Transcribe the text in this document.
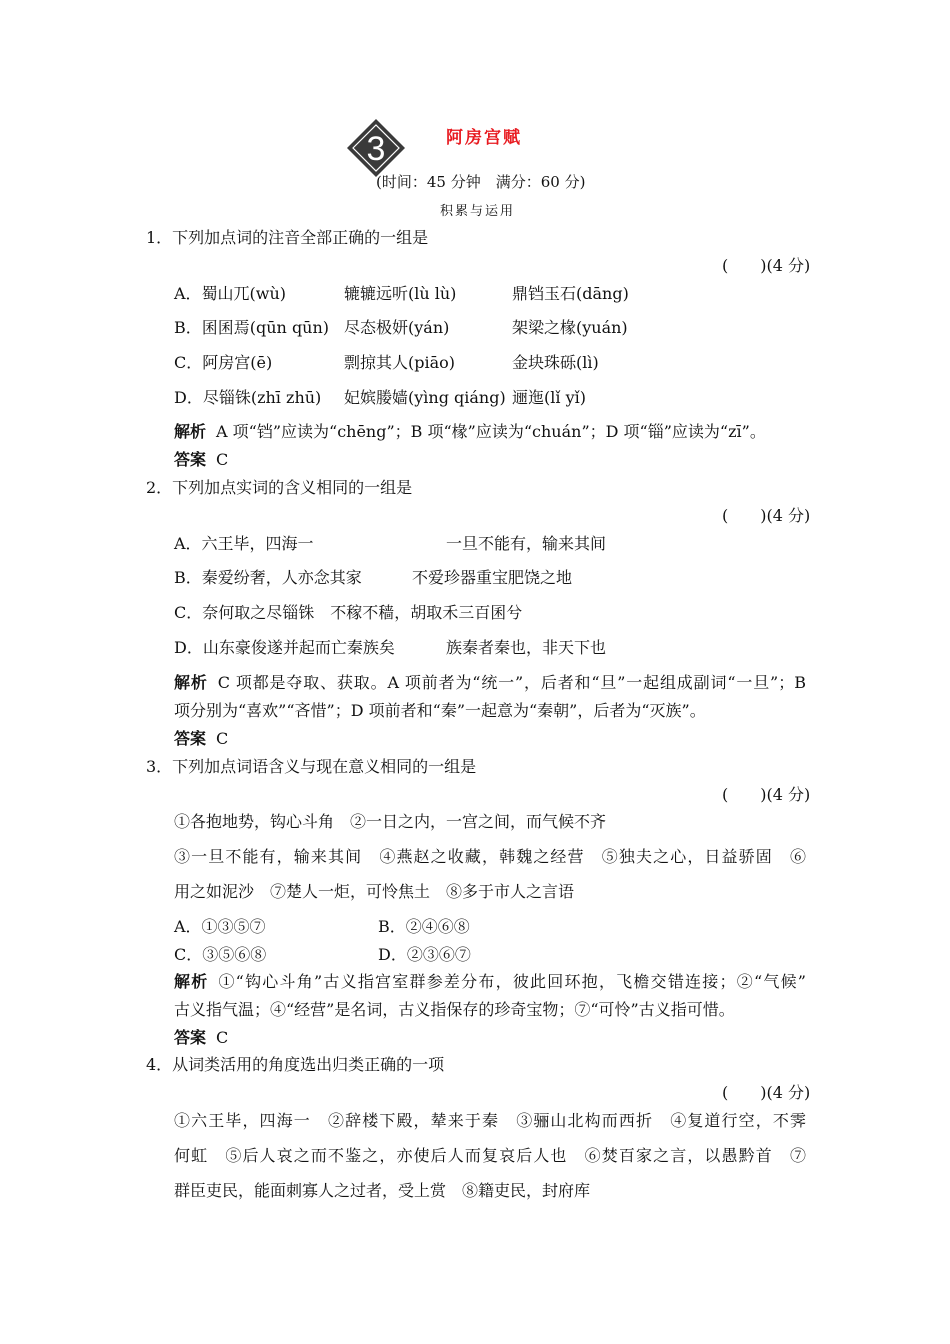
3	阿房宫赋
(时间：45 分钟　满分：60 分)
积累与运用
1．下列加点词的注音全部正确的一组是
(　　)(4 分)
A．蜀山兀(wù)	辘辘远听(lù lù)	鼎铛玉石(dāng)
B．囷囷焉(qūn qūn) 尽态极妍(yán)	架梁之椽(yuán)
C．阿房宫(ē)	剽掠其人(piāo)	金块珠砾(lì)
D．尽锱铢(zhī zhū) 妃嫔媵嫱(yìng qiáng) 逦迤(lǐ yǐ)
解析 A 项“铛”应读为“chēng”；B 项“椽”应读为“chuán”；D 项“锱”应读为“zī”。
答案 C
2．下列加点实词的含义相同的一组是
(　　)(4 分)
A．六王毕，四海一	一旦不能有，输来其间
B．秦爱纷奢，人亦念其家	不爱珍器重宝肥饶之地
C．奈何取之尽锱铢　不稼不穑，胡取禾三百囷兮
D．山东豪俊遂并起而亡秦族矣	族秦者秦也，非天下也
解析 C 项都是夺取、获取。A 项前者为“统一”，后者和“旦”一起组成副词“一旦”；B
项分别为“喜欢”“吝惜”；D 项前者和“秦”一起意为“秦朝”，后者为“灭族”。
答案 C
3．下列加点词语含义与现在意义相同的一组是
(　　)(4 分)
①各抱地势，钩心斗角　②一日之内，一宫之间，而气候不齐
③一旦不能有，输来其间　④燕赵之收藏，韩魏之经营　⑤独夫之心，日益骄固　⑥
用之如泥沙　⑦楚人一炬，可怜焦土　⑧多于市人之言语
A．①③⑤⑦	B．②④⑥⑧
C．③⑤⑥⑧	D．②③⑥⑦
解析 ①“钩心斗角”古义指宫室群参差分布，彼此回环抱，飞檐交错连接；②“气候”
古义指气温；④“经营”是名词，古义指保存的珍奇宝物；⑦“可怜”古义指可惜。
答案 C
4．从词类活用的角度选出归类正确的一项
(　　)(4 分)
①六王毕，四海一　②辞楼下殿，辇来于秦　③骊山北构而西折　④复道行空，不霁
何虹　⑤后人哀之而不鉴之，亦使后人而复哀后人也　⑥焚百家之言，以愚黔首　⑦
群臣吏民，能面刺寡人之过者，受上赏　⑧籍吏民，封府库
